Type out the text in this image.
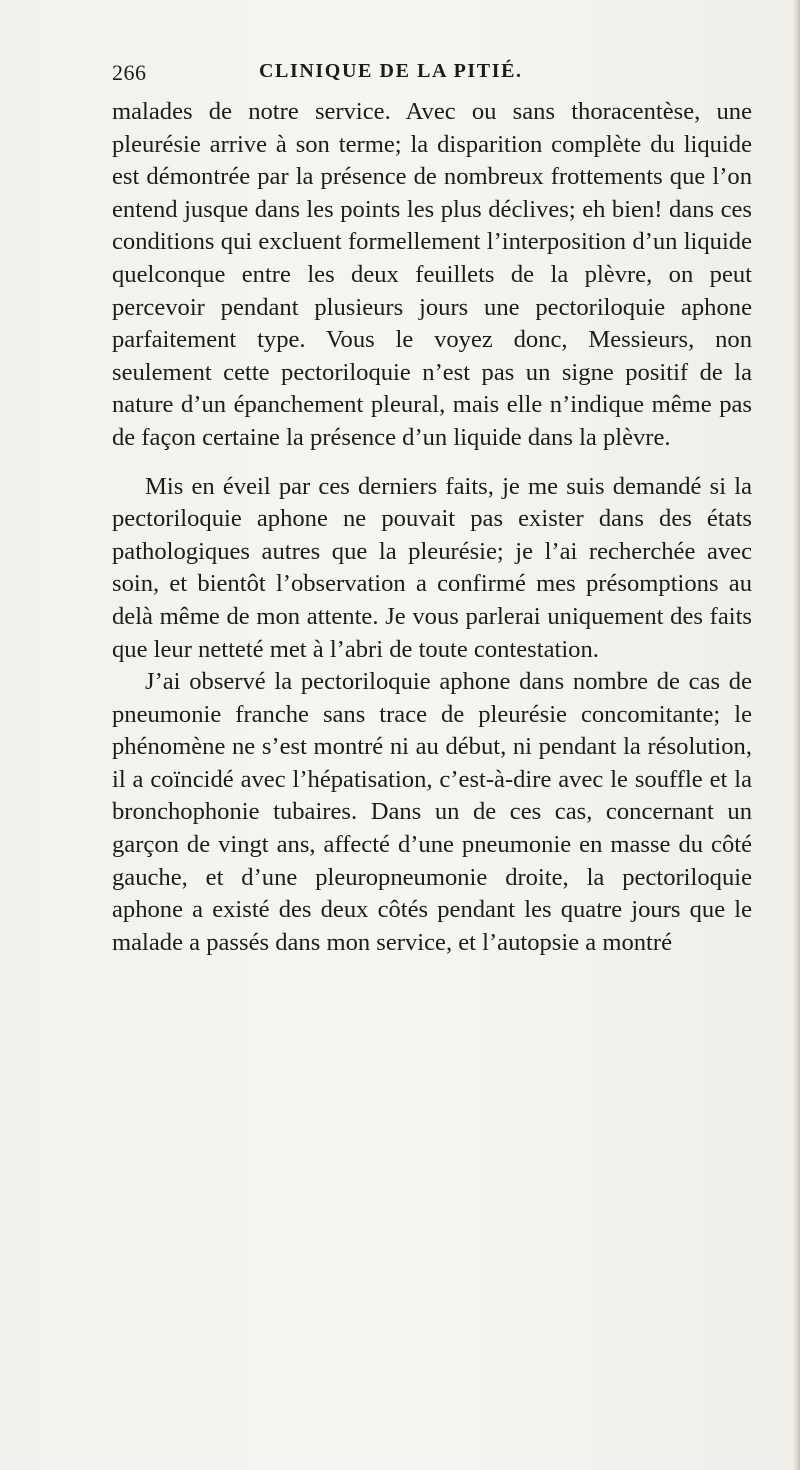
266	CLINIQUE DE LA PITIÉ.

malades de notre service. Avec ou sans thoracentèse, une pleurésie arrive à son terme; la disparition complète du liquide est démontrée par la présence de nombreux frottements que l’on entend jusque dans les points les plus déclives; eh bien! dans ces conditions qui excluent formellement l’interposition d’un liquide quelconque entre les deux feuillets de la plèvre, on peut percevoir pendant plusieurs jours une pectoriloquie aphone parfaitement type. Vous le voyez donc, Messieurs, non seulement cette pectoriloquie n’est pas un signe positif de la nature d’un épanchement pleural, mais elle n’indique même pas de façon certaine la présence d’un liquide dans la plèvre.

Mis en éveil par ces derniers faits, je me suis demandé si la pectoriloquie aphone ne pouvait pas exister dans des états pathologiques autres que la pleurésie; je l’ai recherchée avec soin, et bientôt l’observation a confirmé mes présomptions au delà même de mon attente. Je vous parlerai uniquement des faits que leur netteté met à l’abri de toute contestation.

J’ai observé la pectoriloquie aphone dans nombre de cas de pneumonie franche sans trace de pleurésie concomitante; le phénomène ne s’est montré ni au début, ni pendant la résolution, il a coïncidé avec l’hépatisation, c’est-à-dire avec le souffle et la bronchophonie tubaires. Dans un de ces cas, concernant un garçon de vingt ans, affecté d’une pneumonie en masse du côté gauche, et d’une pleuropneumonie droite, la pectoriloquie aphone a existé des deux côtés pendant les quatre jours que le malade a passés dans mon service, et l’autopsie a montré
